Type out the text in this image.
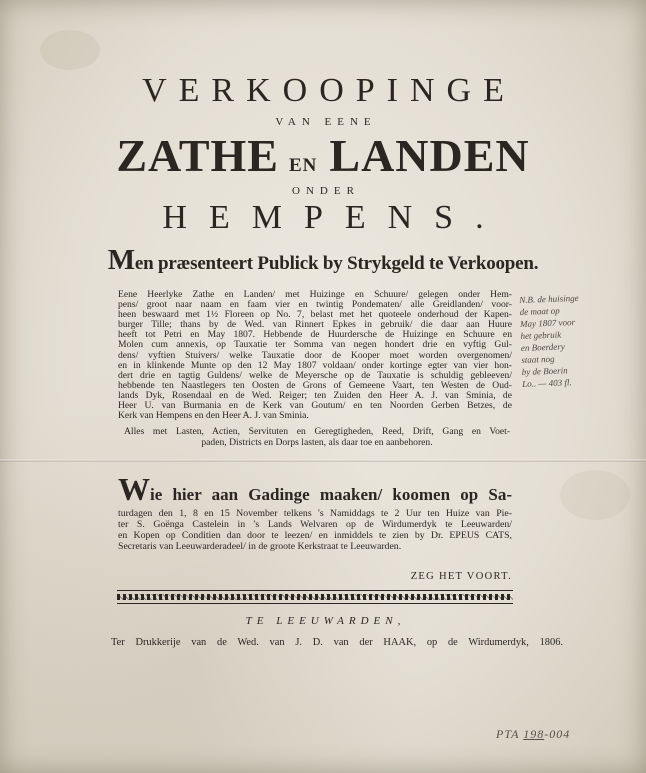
VERKOOPINGE
VAN EENE
ZATHE EN LANDEN
ONDER
HEMPENS.
Men præsenteert Publick by Strykgeld te Verkoopen.
Eene Heerlyke Zathe en Landen/ met Huizinge en Schuure/ gelegen onder Hem-
pens/ groot naar naam en faam vier en twintig Pondematen/ alle Greidlanden/ voor-
heen beswaard met 1½ Floreen op No. 7, belast met het quoteele onderhoud der Kapen-
burger Tille; thans by de Wed. van Rinnert Epkes in gebruik/ die daar aan Huure
heeft tot Petri en May 1807. Hebbende de Huurdersche de Huizinge en Schuure en
Molen cum annexis, op Tauxatie ter Somma van negen hondert drie en vyftig Gul-
dens/ vyftien Stuivers/ welke Tauxatie door de Kooper moet worden overgenomen/
en in klinkende Munte op den 12 May 1807 voldaan/ onder kortinge egter van vier hon-
dert drie en tagtig Guldens/ welke de Meyersche op de Tauxatie is schuldig gebleeven/
hebbende ten Naastlegers ten Oosten de Grons of Gemeene Vaart, ten Westen de Oud-
lands Dyk, Rosendaal en de Wed. Reiger; ten Zuiden den Heer A. J. van Sminia, de
Heer U. van Burmania en de Kerk van Goutum/ en ten Noorden Gerben Betzes, de
Kerk van Hempens en den Heer A. J. van Sminia.
Alles met Lasten, Actien, Servituten en Geregtigheden, Reed, Drift, Gang en Voet-
paden, Districts en Dorps lasten, als daar toe en aanbehoren.
Wie hier aan Gadinge maaken/ koomen op Sa-
turdagen den 1, 8 en 15 November telkens 's Namiddags te 2 Uur ten Huize van Pie-
ter S. Goënga Castelein in 's Lands Welvaren op de Wirdumerdyk te Leeuwarden/
en Kopen op Conditien dan door te leezen/ en inmiddels te zien by Dr. EPEUS CATS,
Secretaris van Leeuwarderadeel/ in de groote Kerkstraat te Leeuwarden.
ZEG HET VOORT.
TE LEEUWARDEN,
Ter Drukkerije van de Wed. van J. D. van der HAAK, op de Wirdumerdyk, 1806.
N.B. de huisinge
de maat op
May 1807 voor
het gebruik
en Boerdery
staat nog
by de Boerin
Lo.. — 403 fl.
PTA 198-004
